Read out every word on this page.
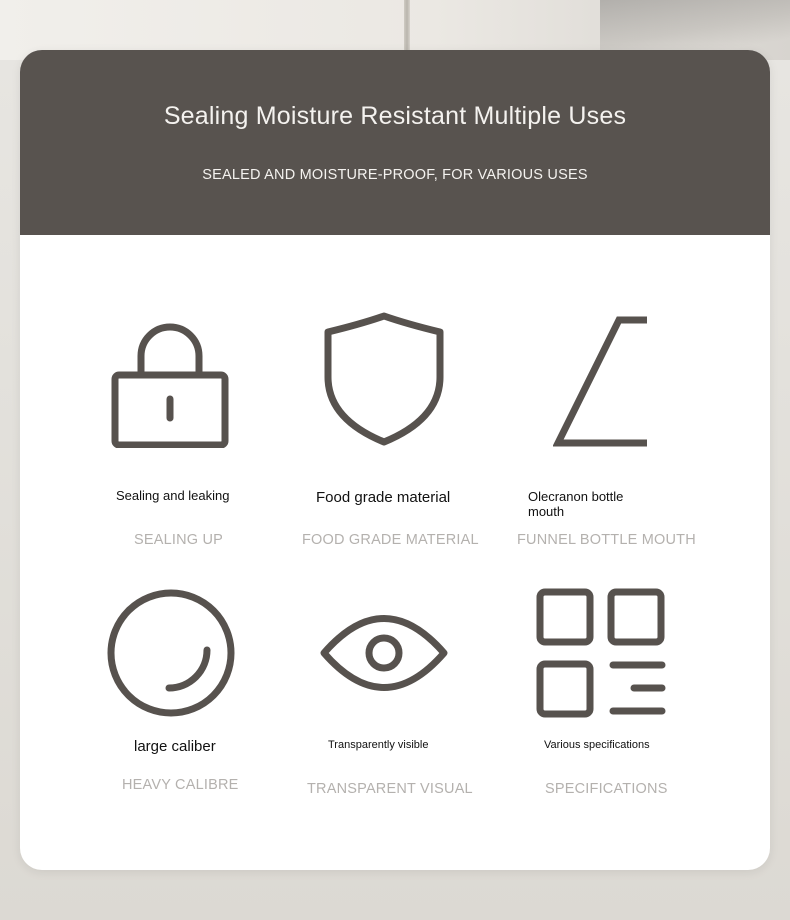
Sealing Moisture Resistant Multiple Uses
SEALED AND MOISTURE-PROOF, FOR VARIOUS USES
Sealing and leaking
SEALING UP
Food grade material
FOOD GRADE MATERIAL
Olecranon bottle mouth
FUNNEL BOTTLE MOUTH
large caliber
HEAVY CALIBRE
Transparently visible
TRANSPARENT VISUAL
Various specifications
SPECIFICATIONS
